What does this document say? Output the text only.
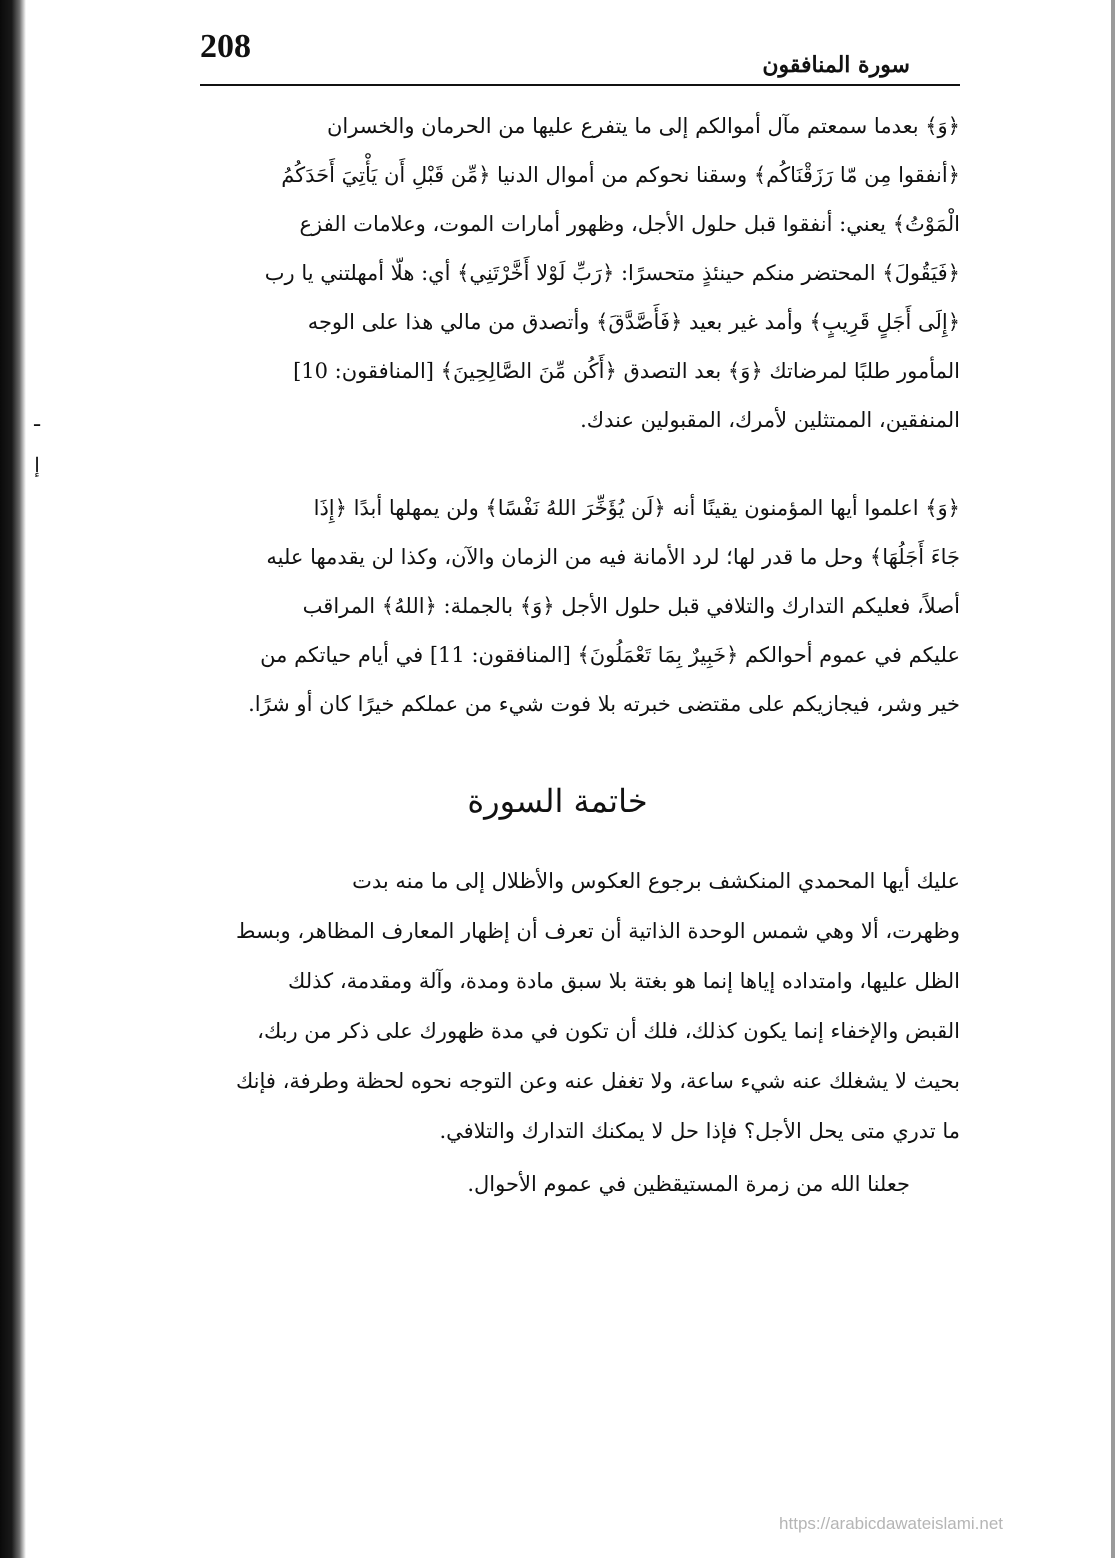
208	سورة المنافقون
﴿وَ﴾ بعدما سمعتم مآل أموالكم إلى ما يتفرع عليها من الحرمان والخسران
﴿أنفقوا مِن مّا رَزَقْنَاكُم﴾ وسقنا نحوكم من أموال الدنيا ﴿مِّن قَبْلِ أَن يَأْتِيَ أَحَدَكُمُ
الْمَوْتُ﴾ يعني: أنفقوا قبل حلول الأجل، وظهور أمارات الموت، وعلامات الفزع
﴿فَيَقُولَ﴾ المحتضر منكم حينئذٍ متحسرًا: ﴿رَبِّ لَوْلا أَخَّرْتَنِي﴾ أي: هلّا أمهلتني يا رب
﴿إِلَى أَجَلٍ قَرِيبٍ﴾ وأمد غير بعيد ﴿فَأَصَّدَّقَ﴾ وأتصدق من مالي هذا على الوجه
المأمور طلبًا لمرضاتك ﴿وَ﴾ بعد التصدق ﴿أَكُن مِّنَ الصَّالِحِينَ﴾ [المنافقون: 10]
المنفقين، الممتثلين لأمرك، المقبولين عندك.
ـ
إ
﴿وَ﴾ اعلموا أيها المؤمنون يقينًا أنه ﴿لَن يُؤَخِّرَ اللهُ نَفْسًا﴾ ولن يمهلها أبدًا ﴿إِذَا
جَاءَ أَجَلُهَا﴾ وحل ما قدر لها؛ لرد الأمانة فيه من الزمان والآن، وكذا لن يقدمها عليه
أصلاً، فعليكم التدارك والتلافي قبل حلول الأجل ﴿وَ﴾ بالجملة: ﴿اللهُ﴾ المراقب
عليكم في عموم أحوالكم ﴿خَبِيرٌ بِمَا تَعْمَلُونَ﴾ [المنافقون: 11] في أيام حياتكم من
خير وشر، فيجازيكم على مقتضى خبرته بلا فوت شيء من عملكم خيرًا كان أو شرًا.
خاتمة السورة
عليك أيها المحمدي المنكشف برجوع العكوس والأظلال إلى ما منه بدت
وظهرت، ألا وهي شمس الوحدة الذاتية أن تعرف أن إظهار المعارف المظاهر، وبسط
الظل عليها، وامتداده إياها إنما هو بغتة بلا سبق مادة ومدة، وآلة ومقدمة، كذلك
القبض والإخفاء إنما يكون كذلك، فلك أن تكون في مدة ظهورك على ذكر من ربك،
بحيث لا يشغلك عنه شيء ساعة، ولا تغفل عنه وعن التوجه نحوه لحظة وطرفة، فإنك
ما تدري متى يحل الأجل؟ فإذا حل لا يمكنك التدارك والتلافي.
جعلنا الله من زمرة المستيقظين في عموم الأحوال.
https://arabicdawateislami.net
